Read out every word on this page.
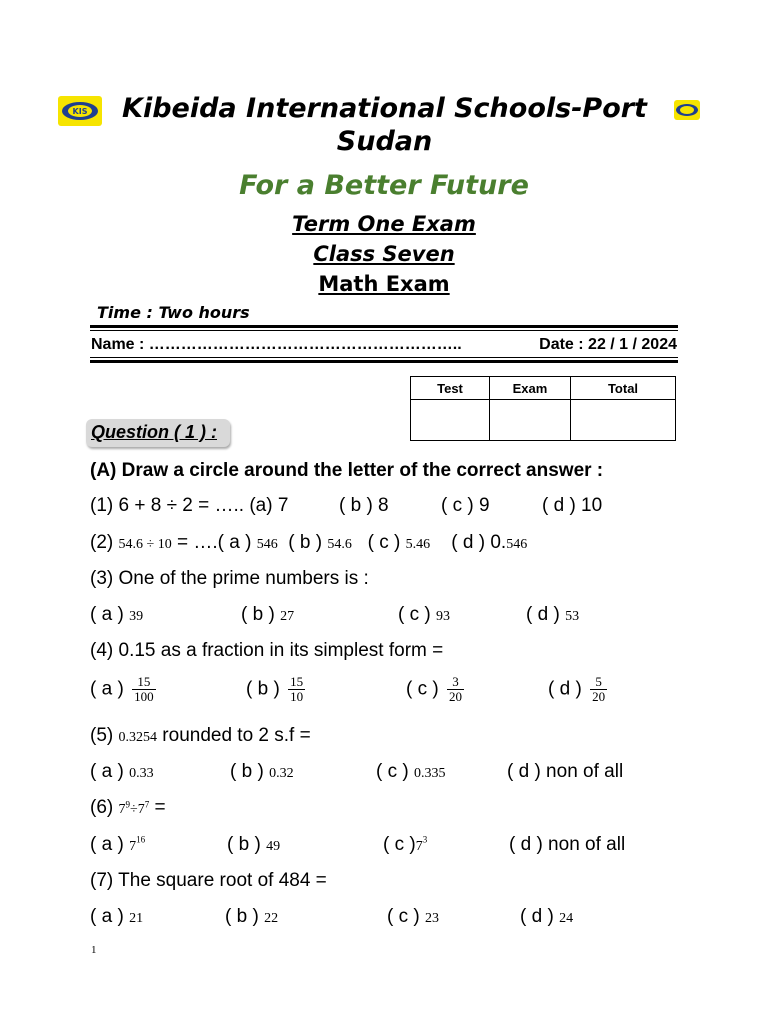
KIS	Kibeida International Schools-Port Sudan
For a Better Future
Term One Exam
Class Seven
Math Exam
Time : Two hours
Name : …………………………………………………..	Date : 22 / 1 / 2024
Test	Exam	Total

Question ( 1 ) :
(A) Draw a circle around the letter of the correct answer :
(1) 6 + 8 ÷ 2 = ….. (a) 7	( b ) 8	( c ) 9	( d ) 10
(2) 54.6 ÷ 10 = ….( a ) 546 ( b ) 54.6 ( c ) 5.46 ( d ) 0.546
(3) One of the prime numbers is :
( a ) 39	( b ) 27	( c ) 93	( d ) 53
(4) 0.15 as a fraction in its simplest form =
( a ) $\frac{15}{100}$	( b ) $\frac{15}{10}$	( c ) $\frac{3}{20}$	( d ) $\frac{5}{20}$
(5) 0.3254 rounded to 2 s.f =
( a ) 0.33	( b ) 0.32	( c ) 0.335	( d ) non of all
(6) $7^9\div 7^7$ =
( a ) $7^{16}$	( b ) 49	( c )$7^3$	( d ) non of all
(7) The square root of 484 =
( a ) 21	( b ) 22	( c ) 23	( d ) 24
1
